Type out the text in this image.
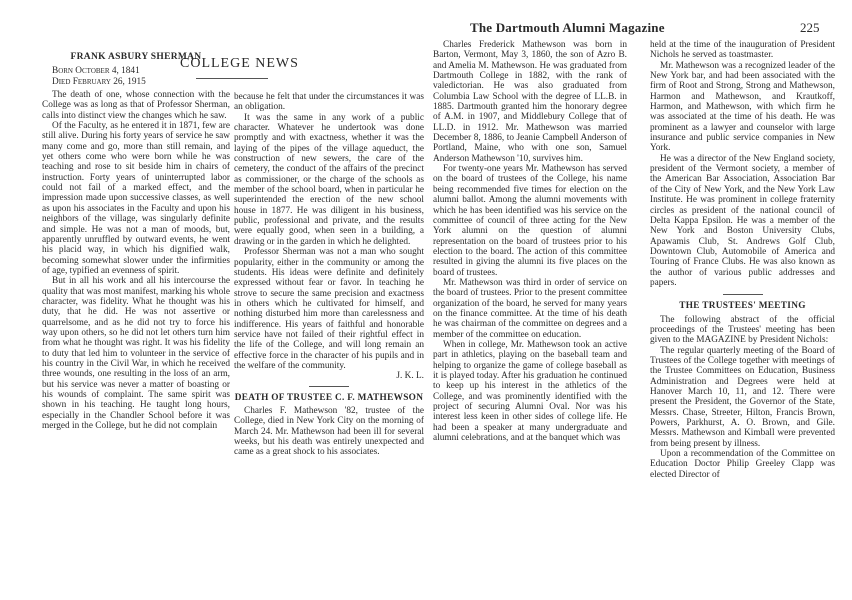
The Dartmouth Alumni Magazine	225
COLLEGE NEWS

FRANK ASBURY SHERMAN

Born October 4, 1841
Died February 26, 1915

The death of one, whose connection with the College was as long as that of Professor Sherman, calls into distinct view the changes which he saw.

Of the Faculty, as he entered it in 1871, few are still alive. During his forty years of service he saw many come and go, more than still remain, and yet others come who were born while he was teaching and rose to sit beside him in chairs of instruction. Forty years of uninterrupted labor could not fail of a marked effect, and the impression made upon successive classes, as well as upon his associates in the Faculty and upon his neighbors of the village, was singularly definite and simple. He was not a man of moods, but, apparently unruffled by outward events, he went his placid way, in which his dignified walk, becoming somewhat slower under the infirmities of age, typified an evenness of spirit.

But in all his work and all his intercourse the quality that was most manifest, marking his whole character, was fidelity. What he thought was his duty, that he did. He was not assertive or quarrelsome, and as he did not try to force his way upon others, so he did not let others turn him from what he thought was right. It was his fidelity to duty that led him to volunteer in the service of his country in the Civil War, in which he received three wounds, one resulting in the loss of an arm, but his service was never a matter of boasting or his wounds of complaint. The same spirit was shown in his teaching. He taught long hours, especially in the Chandler School before it was merged in the College, but he did not complain

because he felt that under the circumstances it was an obligation.

It was the same in any work of a public character. Whatever he undertook was done promptly and with exactness, whether it was the laying of the pipes of the village aqueduct, the construction of new sewers, the care of the cemetery, the conduct of the affairs of the precinct as commissioner, or the charge of the schools as member of the school board, when in particular he superintended the erection of the new school house in 1877. He was diligent in his business, public, professional and private, and the results were equally good, when seen in a building, a drawing or in the garden in which he delighted.

Professor Sherman was not a man who sought popularity, either in the community or among the students. His ideas were definite and definitely expressed without fear or favor. In teaching he strove to secure the same precision and exactness in others which he cultivated for himself, and nothing disturbed him more than carelessness and indifference. His years of faithful and honorable service have not failed of their rightful effect in the life of the College, and will long remain an effective force in the character of his pupils and in the welfare of the community.

J. K. L.

DEATH OF TRUSTEE C. F. MATHEWSON

Charles F. Mathewson '82, trustee of the College, died in New York City on the morning of March 24. Mr. Mathewson had been ill for several weeks, but his death was entirely unexpected and came as a great shock to his associates.

Charles Frederick Mathewson was born in Barton, Vermont, May 3, 1860, the son of Azro B. and Amelia M. Mathewson. He was graduated from Dartmouth College in 1882, with the rank of valedictorian. He was also graduated from Columbia Law School with the degree of LL.B. in 1885. Dartmouth granted him the honorary degree of A.M. in 1907, and Middlebury College that of LL.D. in 1912. Mr. Mathewson was married December 8, 1886, to Jeanie Campbell Anderson of Portland, Maine, who with one son, Samuel Anderson Mathewson '10, survives him.

For twenty-one years Mr. Mathewson has served on the board of trustees of the College, his name being recommended five times for election on the alumni ballot. Among the alumni movements with which he has been identified was his service on the committee of council of three acting for the New York alumni on the question of alumni representation on the board of trustees prior to his election to the board. The action of this committee resulted in giving the alumni its five places on the board of trustees.

Mr. Mathewson was third in order of service on the board of trustees. Prior to the present committee organization of the board, he served for many years on the finance committee. At the time of his death he was chairman of the committee on degrees and a member of the committee on education.

When in college, Mr. Mathewson took an active part in athletics, playing on the baseball team and helping to organize the game of college baseball as it is played today. After his graduation he continued to keep up his interest in the athletics of the College, and was prominently identified with the project of securing Alumni Oval. Nor was his interest less keen in other sides of college life. He had been a speaker at many undergraduate and alumni celebrations, and at the banquet which was

held at the time of the inauguration of President Nichols he served as toastmaster.

Mr. Mathewson was a recognized leader of the New York bar, and had been associated with the firm of Root and Strong, Strong and Mathewson, Harmon and Mathewson, and Krautkoff, Harmon, and Mathewson, with which firm he was associated at the time of his death. He was prominent as a lawyer and counselor with large insurance and public service companies in New York.

He was a director of the New England society, president of the Vermont society, a member of the American Bar Association, Association Bar of the City of New York, and the New York Law Institute. He was prominent in college fraternity circles as president of the national council of Delta Kappa Epsilon. He was a member of the New York and Boston University Clubs, Apawamis Club, St. Andrews Golf Club, Downtown Club, Automobile of America and Touring of France Clubs. He was also known as the author of various public addresses and papers.

THE TRUSTEES' MEETING

The following abstract of the official proceedings of the Trustees' meeting has been given to the MAGAZINE by President Nichols:

The regular quarterly meeting of the Board of Trustees of the College together with meetings of the Trustee Committees on Education, Business Administration and Degrees were held at Hanover March 10, 11, and 12. There were present the President, the Governor of the State, Messrs. Chase, Streeter, Hilton, Francis Brown, Powers, Parkhurst, A. O. Brown, and Gile. Messrs. Mathewson and Kimball were prevented from being present by illness.

Upon a recommendation of the Committee on Education Doctor Philip Greeley Clapp was elected Director of
